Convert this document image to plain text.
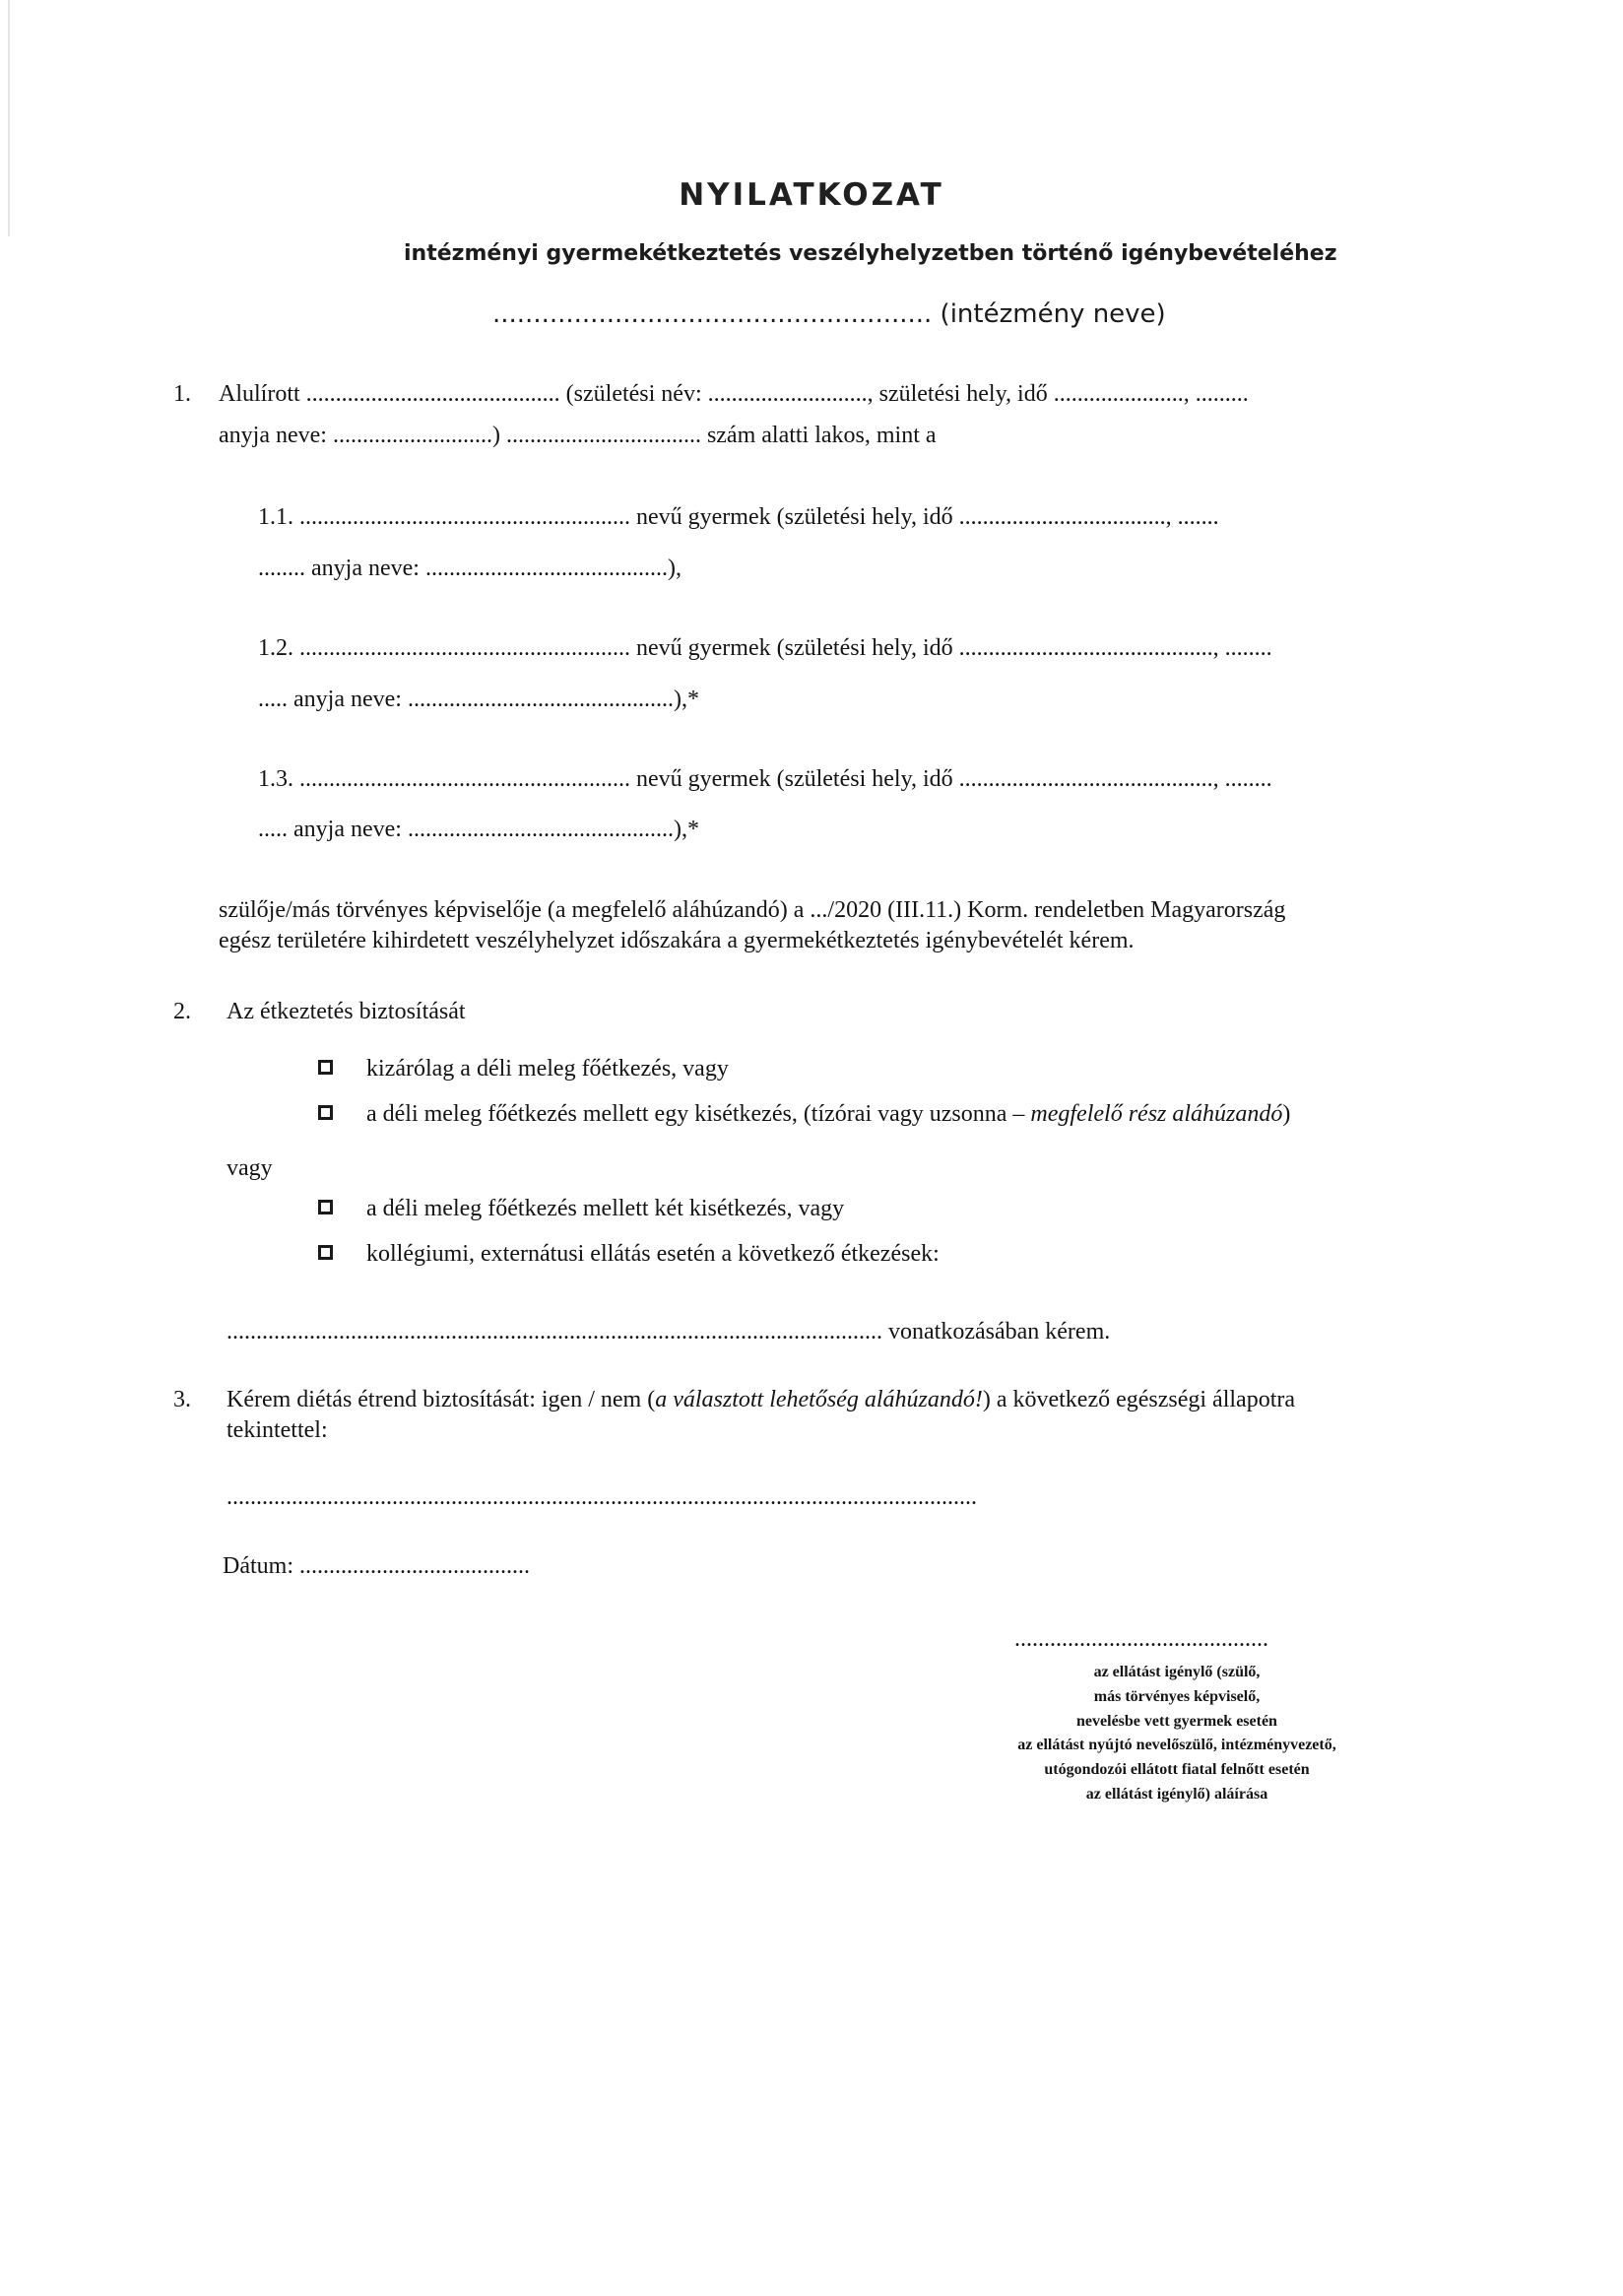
NYILATKOZAT
intézményi gyermekétkeztetés veszélyhelyzetben történő igénybevételéhez
...................................................... (intézmény neve)
1. Alulírott ........................................... (születési név: ..........................., születési hely, idő ......................, .........
anyja neve: ...........................) ................................. szám alatti lakos, mint a
1.1. ........................................................ nevű gyermek (születési hely, idő ..................................., .......
........ anyja neve: .........................................),
1.2. ........................................................ nevű gyermek (születési hely, idő ..........................................., ........
..... anyja neve: .............................................),*
1.3. ........................................................ nevű gyermek (születési hely, idő ..........................................., ........
..... anyja neve: .............................................),*
szülője/más törvényes képviselője (a megfelelő aláhúzandó) a .../2020 (III.11.) Korm. rendeletben Magyarország
egész területére kihirdetett veszélyhelyzet időszakára a gyermekétkeztetés igénybevételét kérem.
2. Az étkeztetés biztosítását
kizárólag a déli meleg főétkezés, vagy
a déli meleg főétkezés mellett egy kisétkezés, (tízórai vagy uzsonna – megfelelő rész aláhúzandó)
vagy
a déli meleg főétkezés mellett két kisétkezés, vagy
kollégiumi, externátusi ellátás esetén a következő étkezések:
............................................................................................................... vonatkozásában kérem.
3. Kérem diétás étrend biztosítását: igen / nem (a választott lehetőség aláhúzandó!) a következő egészségi állapotra
tekintettel:
...............................................................................................................................
Dátum: .......................................
...........................................
az ellátást igénylő (szülő,
más törvényes képviselő,
nevelésbe vett gyermek esetén
az ellátást nyújtó nevelőszülő, intézményvezető,
utógondozói ellátott fiatal felnőtt esetén
az ellátást igénylő) aláírása
